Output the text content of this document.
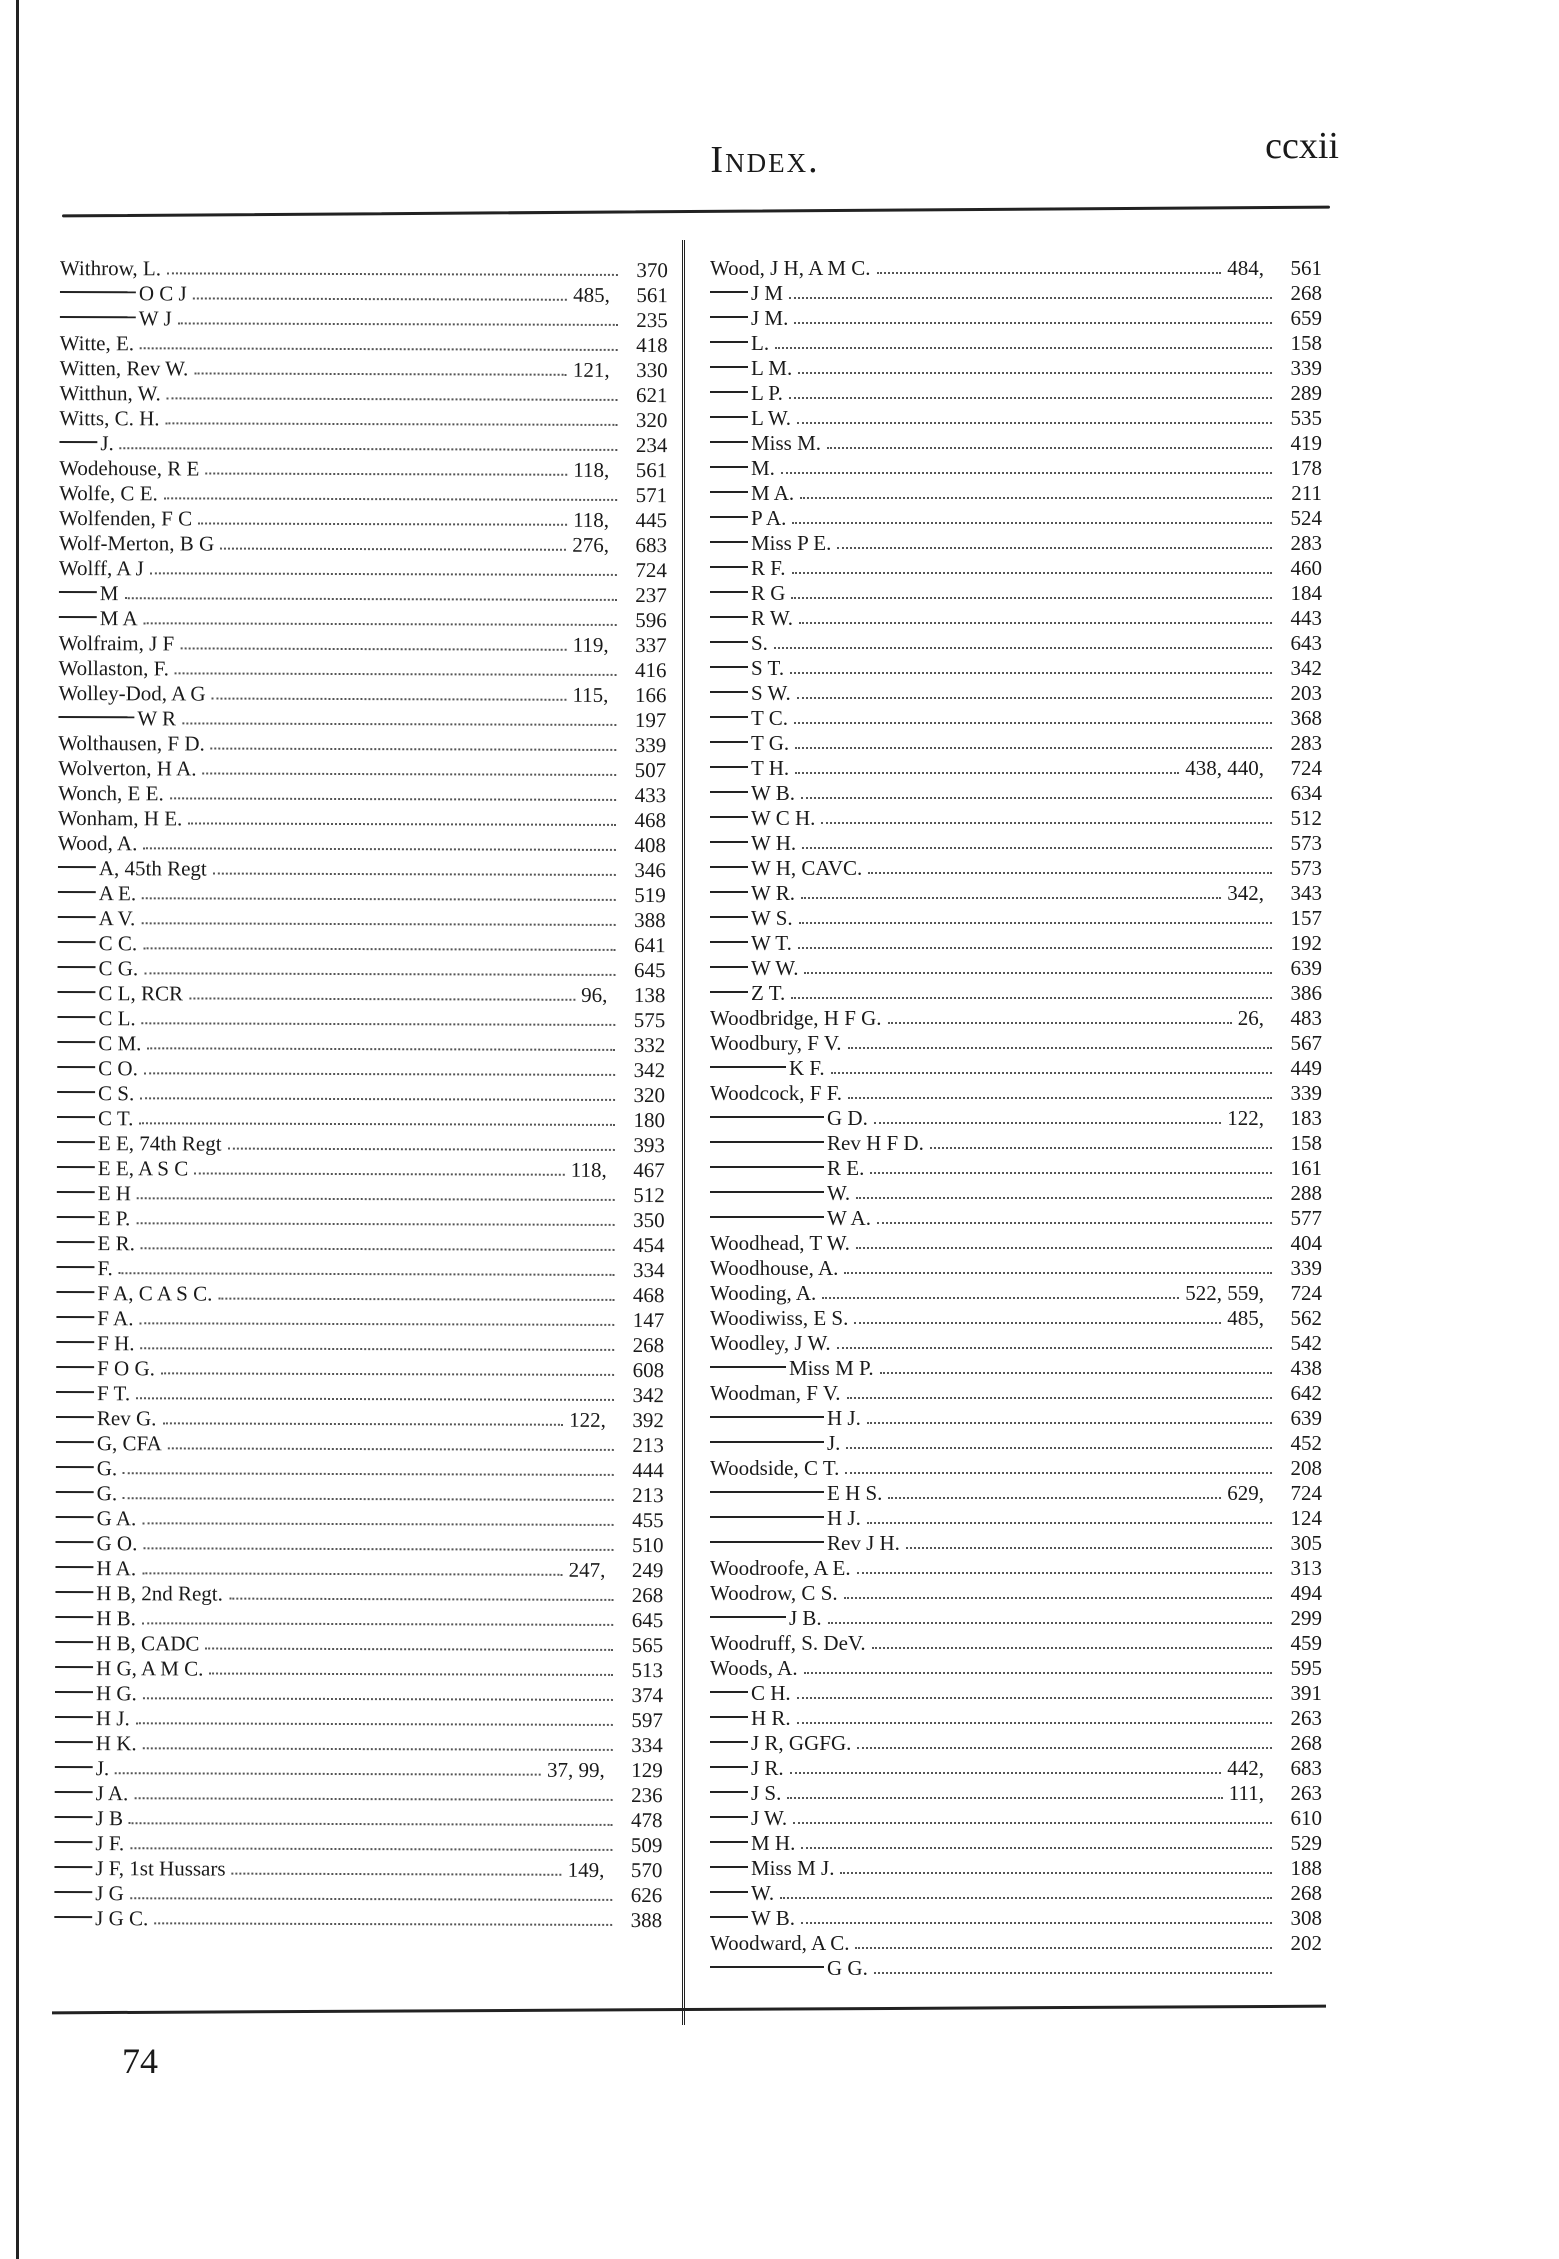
Index.	ccxii
Withrow, L.	370
O C J	485,	561
W J	235
Witte, E.	418
Witten, Rev W.	121,	330
Witthun, W.	621
Witts, C. H.	320
J.	234
Wodehouse, R E	118,	561
Wolfe, C E.	571
Wolfenden, F C	118,	445
Wolf-Merton, B G	276,	683
Wolff, A J	724
M	237
M A	596
Wolfraim, J F	119,	337
Wollaston, F.	416
Wolley-Dod, A G	115,	166
W R	197
Wolthausen, F D.	339
Wolverton, H A.	507
Wonch, E E.	433
Wonham, H E.	468
Wood, A.	408
A, 45th Regt	346
A E.	519
A V.	388
C C.	641
C G.	645
C L, RCR	96,	138
C L.	575
C M.	332
C O.	342
C S.	320
C T.	180
E E, 74th Regt	393
E E, A S C	118,	467
E H	512
E P.	350
E R.	454
F.	334
F A, C A S C.	468
F A.	147
F H.	268
F O G.	608
F T.	342
Rev G.	122,	392
G, CFA	213
G.	444
G.	213
G A.	455
G O.	510
H A.	247,	249
H B, 2nd Regt.	268
H B.	645
H B, CADC	565
H G, A M C.	513
H G.	374
H J.	597
H K.	334
J.	37, 99,	129
J A.	236
J B	478
J F.	509
J F, 1st Hussars	149,	570
J G	626
J G C.	388
Wood, J H, A M C.	484,	561
J M	268
J M.	659
L.	158
L M.	339
L P.	289
L W.	535
Miss M.	419
M.	178
M A.	211
P A.	524
Miss P E.	283
R F.	460
R G	184
R W.	443
S.	643
S T.	342
S W.	203
T C.	368
T G.	283
T H.	438, 440,	724
W B.	634
W C H.	512
W H.	573
W H, CAVC.	573
W R.	342,	343
W S.	157
W T.	192
W W.	639
Z T.	386
Woodbridge, H F G.	26,	483
Woodbury, F V.	567
K F.	449
Woodcock, F F.	339
G D.	122,	183
Rev H F D.	158
R E.	161
W.	288
W A.	577
Woodhead, T W.	404
Woodhouse, A.	339
Wooding, A.	522, 559,	724
Woodiwiss, E S.	485,	562
Woodley, J W.	542
Miss M P.	438
Woodman, F V.	642
H J.	639
J.	452
Woodside, C T.	208
E H S.	629,	724
H J.	124
Rev J H.	305
Woodroofe, A E.	313
Woodrow, C S.	494
J B.	299
Woodruff, S. DeV.	459
Woods, A.	595
C H.	391
H R.	263
J R, GGFG.	268
J R.	442,	683
J S.	111,	263
J W.	610
M H.	529
Miss M J.	188
W.	268
W B.	308
Woodward, A C.	202
G G.
74
